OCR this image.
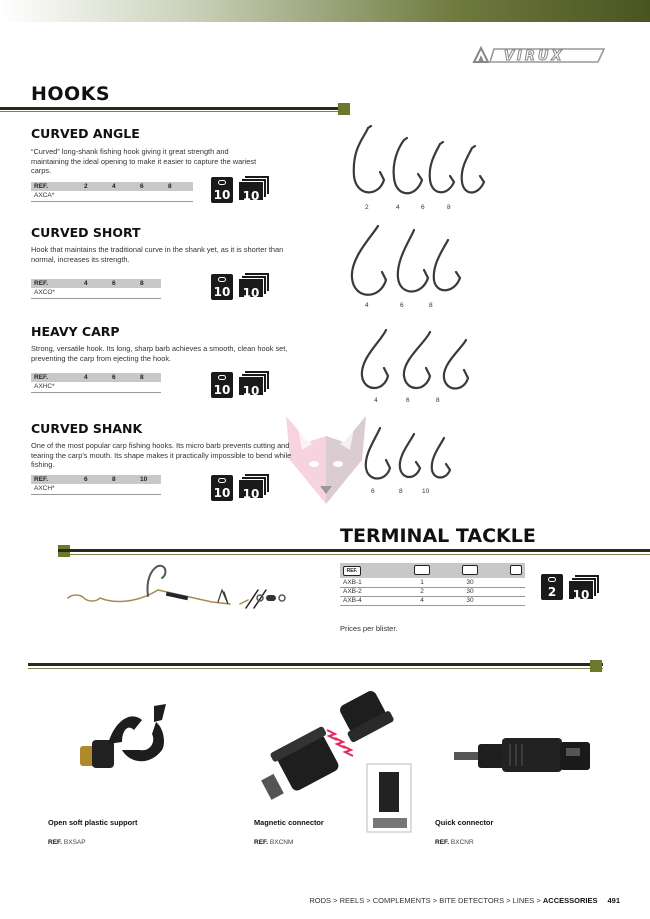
VIRUX
HOOKS
CURVED ANGLE
“Curved” long-shank fishing hook giving it great strength and
maintaining the ideal opening to make it easier to capture the wariest
carps.
REF.	2	4	6	8
AXCA*					10	10
CURVED SHORT
Hook that maintains the traditional curve in the shank yet, as it is shorter than
normal, increases its strength.
REF.	4	6	8
AXCO*				10	10
HEAVY CARP
Strong, versatile hook. Its long, sharp barb achieves a smooth, clean hook set,
preventing the carp from ejecting the hook.
REF.	4	6	8
AXHC*				10	10
CURVED SHANK
One of the most popular carp fishing hooks. Its micro barb prevents cutting and
tearing the carp's mouth. Its shape makes it practically impossible to bend while
fishing.
REF.	6	8	10
AXCH*				10	10
2	4	6	8
4	6	8
4	6	8
6	8	10
TERMINAL TACKLE
REF.			
AXB-1	1	30	
AXB-2	2	30	
AXB-4	4	30	
2	10
Prices per blister.
Open soft plastic support
REF. BXSAP
Magnetic connector
REF. BXCNM
Quick connector
REF. BXCNR
RODS > REELS > COMPLEMENTS > BITE DETECTORS > LINES > ACCESSORIES 491
